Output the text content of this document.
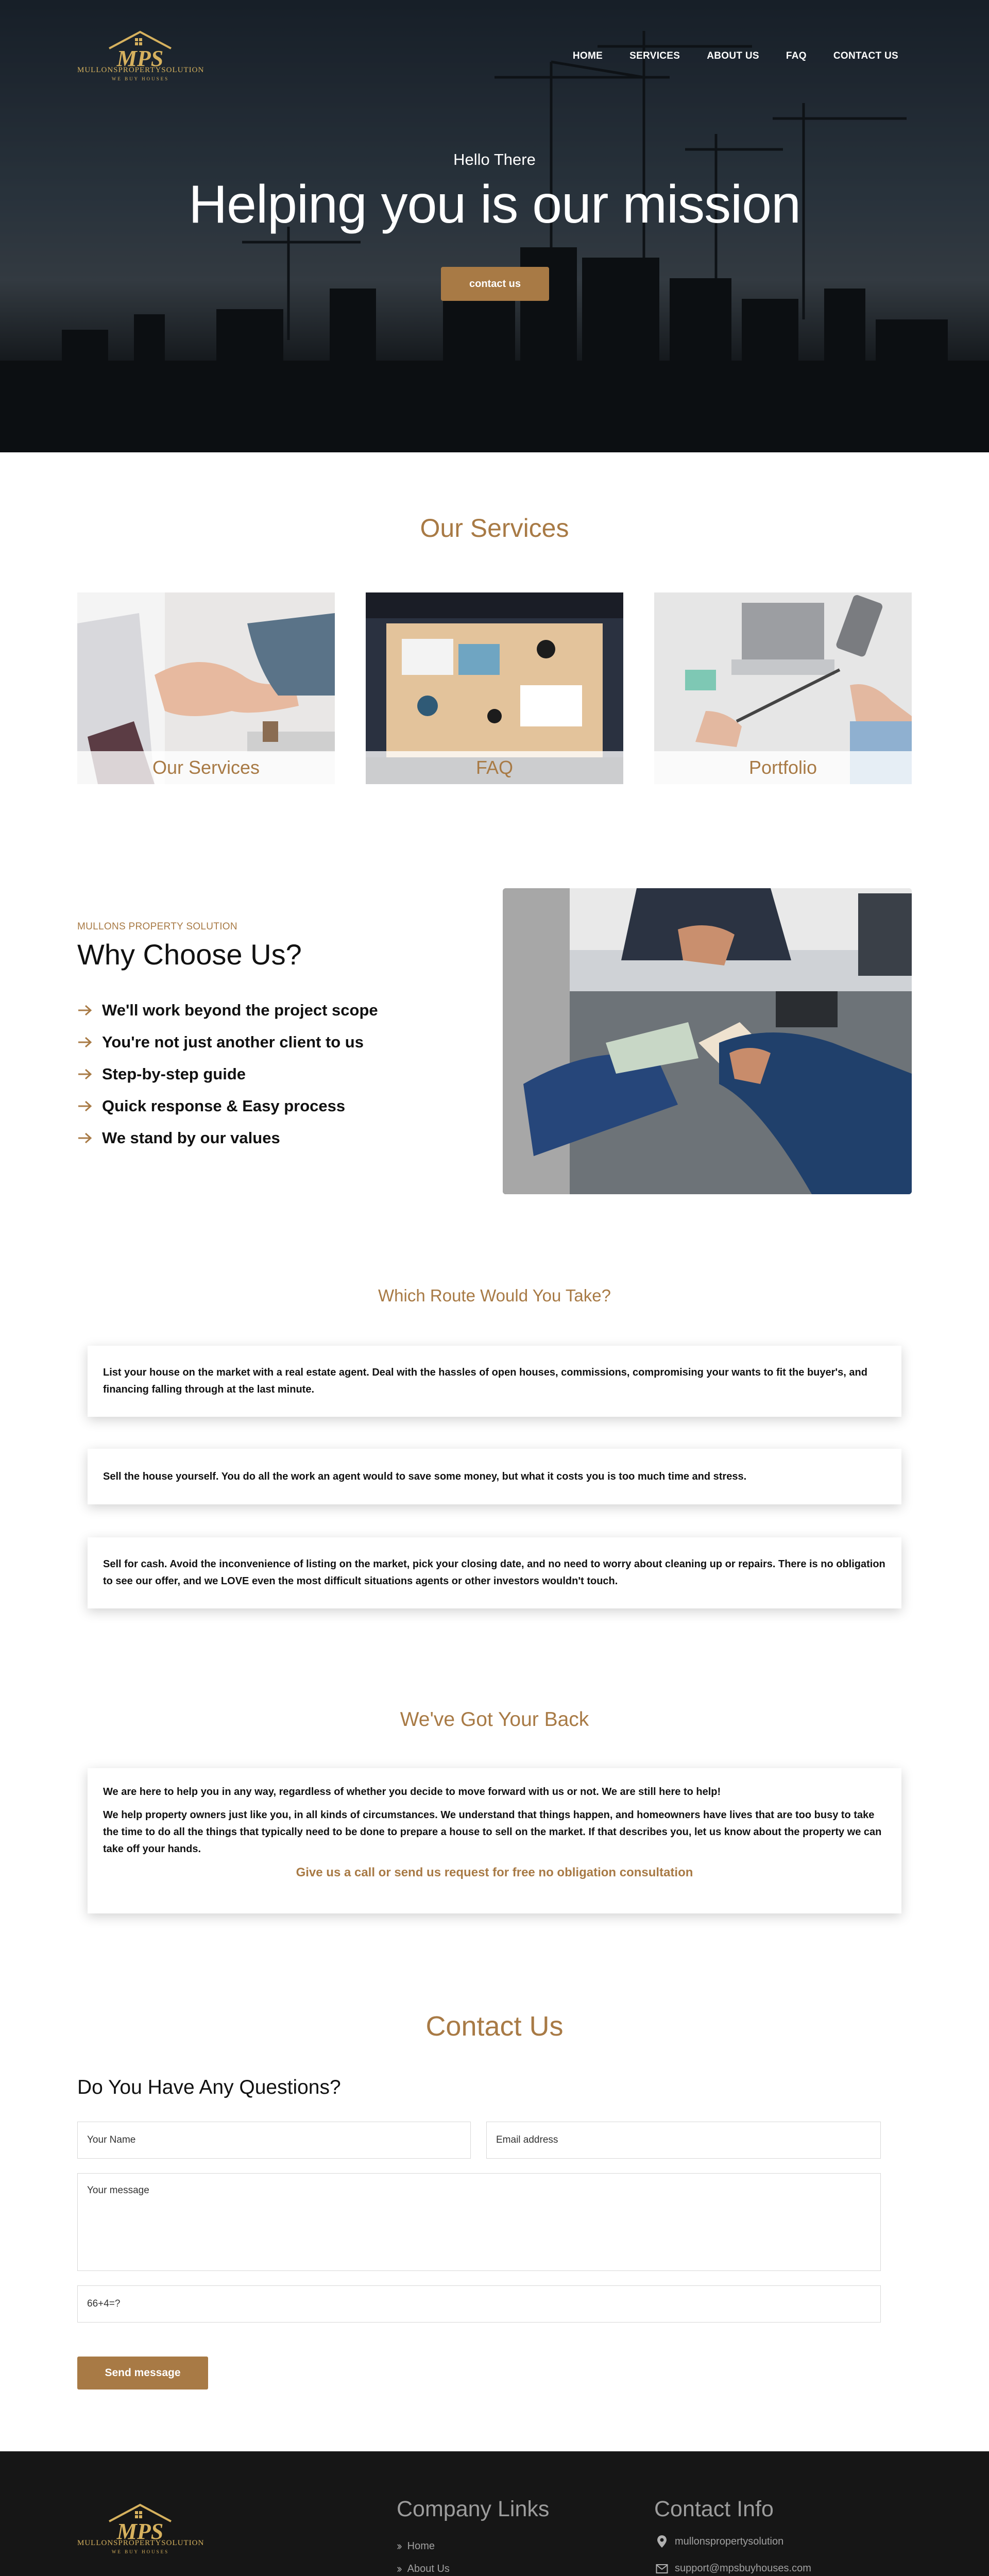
MPS
MULLONSPROPERTYSOLUTION
WE BUY HOUSES
HOME	SERVICES	ABOUT US	FAQ	CONTACT US
Hello There
Helping you is our mission
contact us
Our Services
Our Services	FAQ	Portfolio
MULLONS PROPERTY SOLUTION
Why Choose Us?
We'll work beyond the project scope
You're not just another client to us
Step-by-step guide
Quick response & Easy process
We stand by our values
Which Route Would You Take?
List your house on the market with a real estate agent. Deal with the hassles of open houses, commissions, compromising your wants to fit the buyer's, and financing falling through at the last minute.
Sell the house yourself. You do all the work an agent would to save some money, but what it costs you is too much time and stress.
Sell for cash. Avoid the inconvenience of listing on the market, pick your closing date, and no need to worry about cleaning up or repairs. There is no obligation to see our offer, and we LOVE even the most difficult situations agents or other investors wouldn't touch.
We've Got Your Back

We are here to help you in any way, regardless of whether you decide to move forward with us or not. We are still here to help!

We help property owners just like you, in all kinds of circumstances. We understand that things happen, and homeowners have lives that are too busy to take the time to do all the things that typically need to be done to prepare a house to sell on the market. If that describes you, let us know about the property we can take off your hands.

Give us a call or send us request for free no obligation consultation
Contact Us
Do You Have Any Questions?
Your Name
Email address
Your message
66+4=?
Send message
MPS
MULLONSPROPERTYSOLUTION
WE BUY HOUSES

Company Links
›› Home
›› About Us
Contact Info
mullonspropertysolution
support@mpsbuyhouses.com
